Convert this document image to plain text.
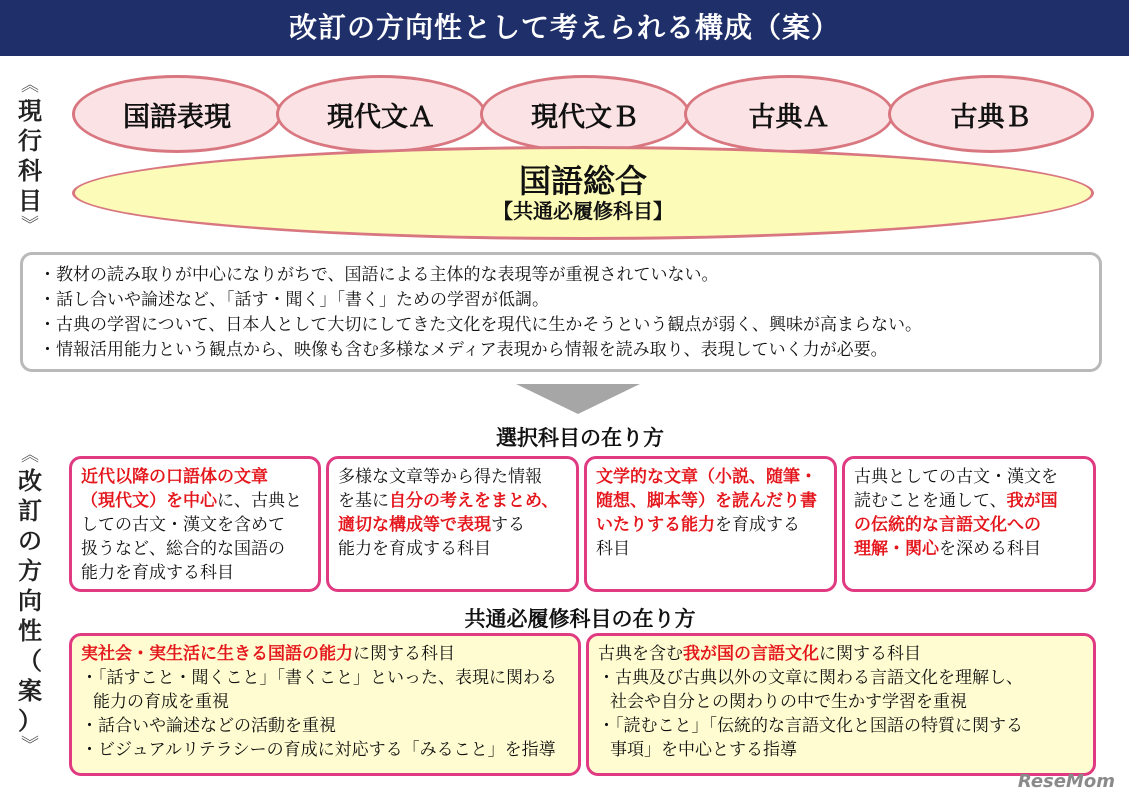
改訂の方向性として考えられる構成（案）
︽
現
行
科
目
︾
︽
改
訂
の
方
向
性
（
案
）
︾
国語表現	現代文Ａ	現代文Ｂ	古典Ａ	古典Ｂ
国語総合
【共通必履修科目】
・教材の読み取りが中心になりがちで、国語による主体的な表現等が重視されていない。
・話し合いや論述など、「話す・聞く」「書く」ための学習が低調。
・古典の学習について、日本人として大切にしてきた文化を現代に生かそうという観点が弱く、興味が高まらない。
・情報活用能力という観点から、映像も含む多様なメディア表現から情報を読み取り、表現していく力が必要。
選択科目の在り方
近代以降の口語体の文章
（現代文）を中心に、古典と
しての古文・漢文を含めて
扱うなど、総合的な国語の
能力を育成する科目
多様な文章等から得た情報
を基に自分の考えをまとめ、
適切な構成等で表現する
能力を育成する科目
文学的な文章（小説、随筆・
随想、脚本等）を読んだり書
いたりする能力を育成する
科目
古典としての古文・漢文を
読むことを通して、我が国
の伝統的な言語文化への
理解・関心を深める科目
共通必履修科目の在り方
実社会・実生活に生きる国語の能力に関する科目
・「話すこと・聞くこと」「書くこと」といった、表現に関わる
能力の育成を重視
・話合いや論述などの活動を重視
・ビジュアルリテラシーの育成に対応する「みること」を指導
古典を含む我が国の言語文化に関する科目
・古典及び古典以外の文章に関わる言語文化を理解し、
社会や自分との関わりの中で生かす学習を重視
・「読むこと」「伝統的な言語文化と国語の特質に関する
事項」を中心とする指導
ReseMom
